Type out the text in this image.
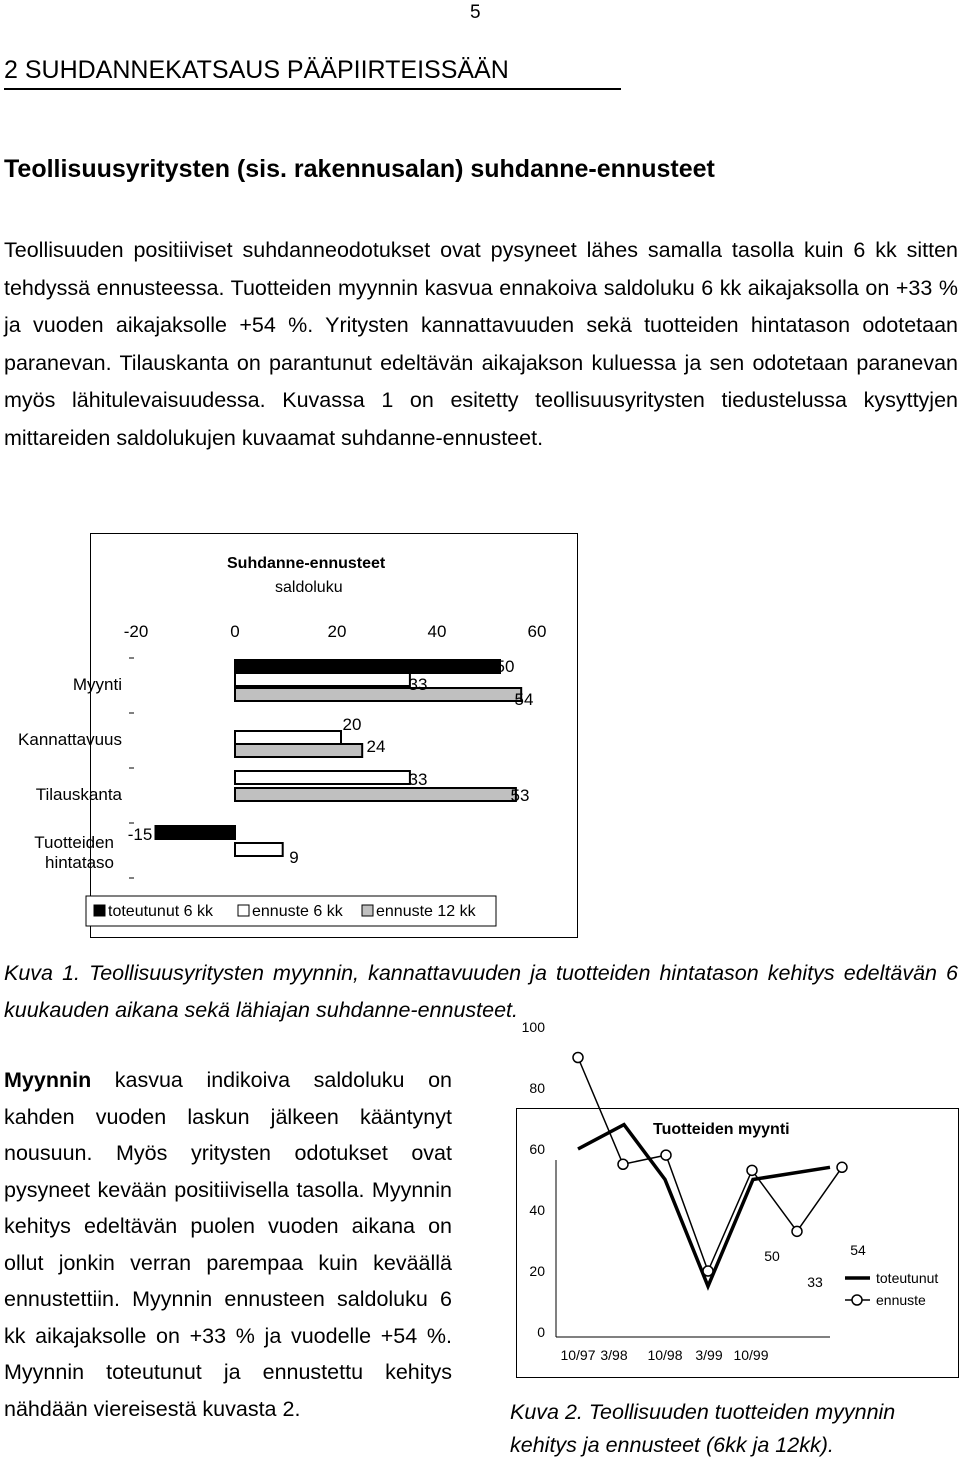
5
2 SUHDANNEKATSAUS PÄÄPIIRTEISSÄÄN
Teollisuusyritysten (sis. rakennusalan) suhdanne-ennusteet

Teollisuuden positiiviset suhdanneodotukset ovat pysyneet lähes samalla tasolla kuin 6 kk sitten tehdyssä ennusteessa. Tuotteiden myynnin kasvua ennakoiva saldoluku 6 kk aikajaksolla on +33 % ja vuoden aikajaksolle +54 %. Yritysten kannattavuuden sekä tuotteiden hintatason odotetaan paranevan. Tilauskanta on parantunut edeltävän aikajakson kuluessa ja sen odotetaan paranevan myös lähitulevaisuudessa. Kuvassa 1 on esitetty teollisuusyritysten tiedustelussa kysyttyjen mittareiden saldolukujen kuvaamat suhdanne-ennusteet.

Suhdanne-ennusteet
saldoluku
-20	0	20	40	60
Myynti
Kannattavuus
Tilauskanta
Tuotteiden
hintataso
50
33
54
20
24
33
53
-15
9
toteutunut 6 kk ennuste 6 kk ennuste 12 kk

Kuva 1. Teollisuusyritysten myynnin, kannattavuuden ja tuotteiden hintatason kehitys edeltävän 6 kuukauden aikana sekä lähiajan suhdanne-ennusteet.

Myynnin kasvua indikoiva saldoluku on kahden vuoden laskun jälkeen kääntynyt nousuun. Myös yritysten odotukset ovat pysyneet kevään positiivisella tasolla. Myynnin kehitys edeltävän puolen vuoden aikana on ollut jonkin verran parempaa kuin keväällä ennustettiin. Myynnin ennusteen saldoluku 6 kk aikajaksolle on +33 % ja vuodelle +54 %. Myynnin toteutunut ja ennustettu kehitys nähdään viereisestä kuvasta 2.

Tuotteiden myynti
0
20
40
60
80
100
10/97 3/98 10/98 3/99 10/99
50
33
54
toteutunut
ennuste

Kuva 2. Teollisuuden tuotteiden myynnin kehitys ja ennusteet (6kk ja 12kk).
